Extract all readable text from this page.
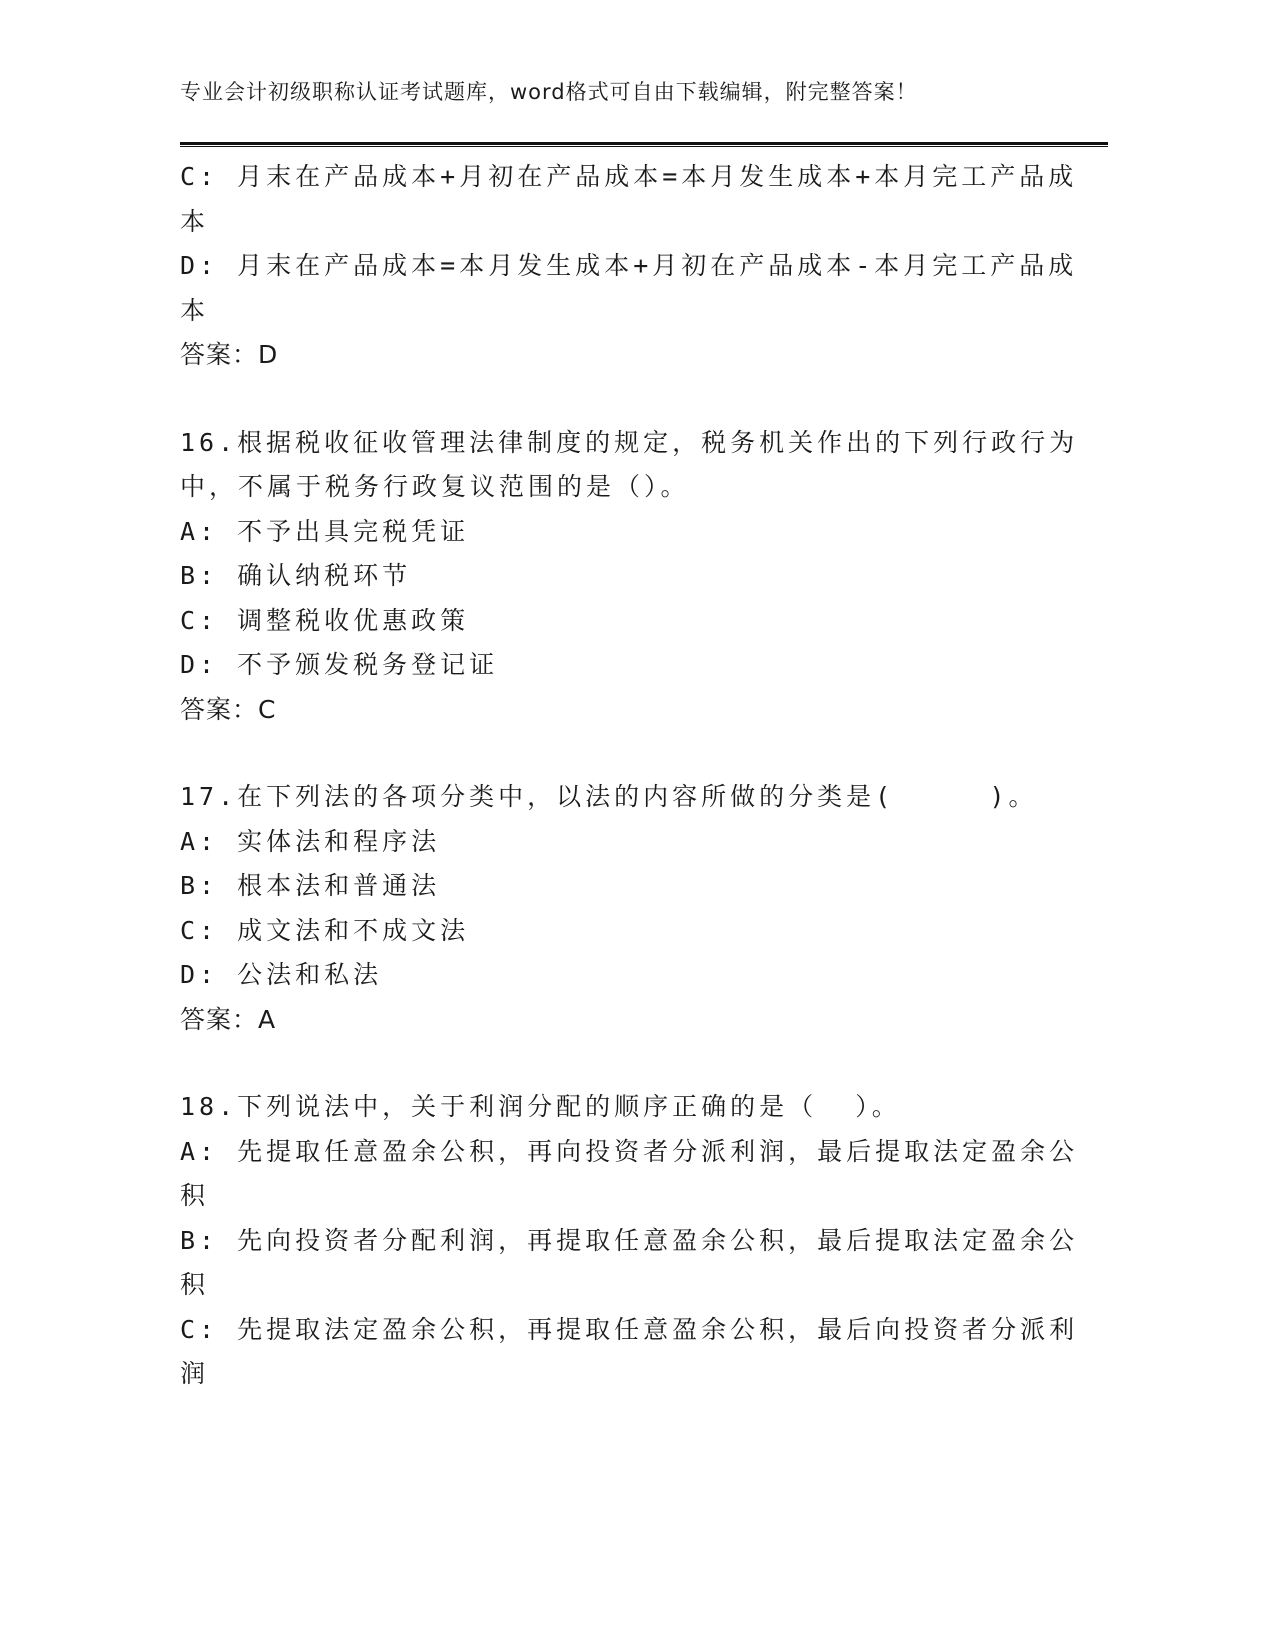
专业会计初级职称认证考试题库，word格式可自由下载编辑，附完整答案！
C: 月末在产品成本+月初在产品成本=本月发生成本+本月完工产品成
本
D: 月末在产品成本=本月发生成本+月初在产品成本-本月完工产品成
本
答案：D
16.根据税收征收管理法律制度的规定，税务机关作出的下列行政行为
中，不属于税务行政复议范围的是（）。
A: 不予出具完税凭证
B: 确认纳税环节
C: 调整税收优惠政策
D: 不予颁发税务登记证
答案：C
17.在下列法的各项分类中，以法的内容所做的分类是(     )。
A: 实体法和程序法
B: 根本法和普通法
C: 成文法和不成文法
D: 公法和私法
答案：A
18.下列说法中，关于利润分配的顺序正确的是（  ）。
A: 先提取任意盈余公积，再向投资者分派利润，最后提取法定盈余公
积
B: 先向投资者分配利润，再提取任意盈余公积，最后提取法定盈余公
积
C: 先提取法定盈余公积，再提取任意盈余公积，最后向投资者分派利
润
